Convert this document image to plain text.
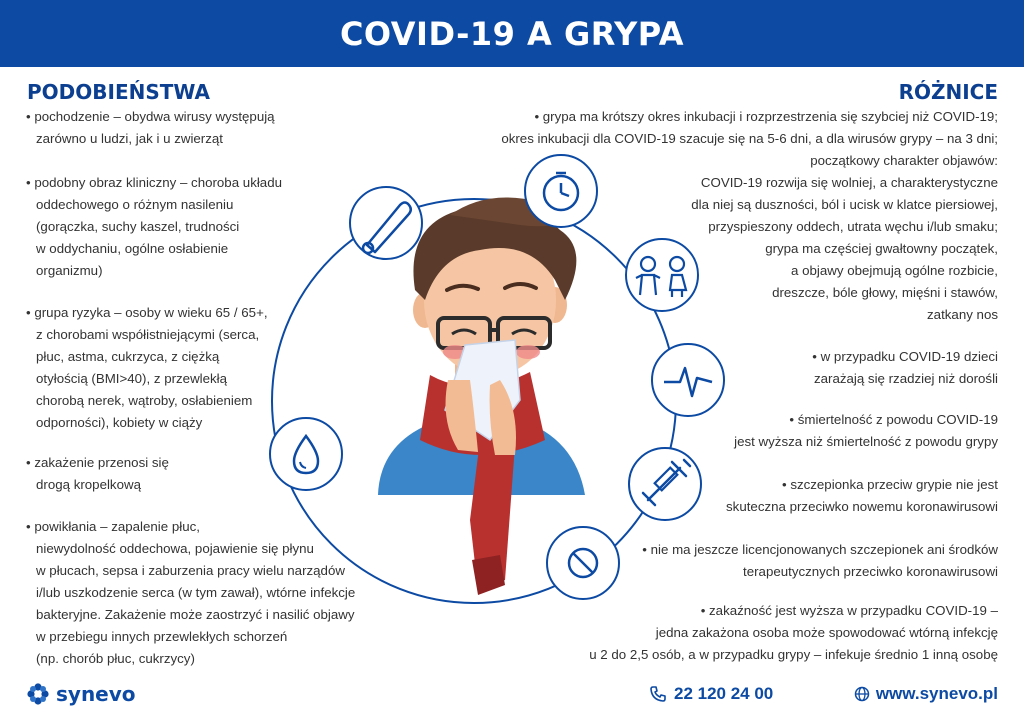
COVID-19 A GRYPA
PODOBIEŃSTWA	RÓŻNICE
• pochodzenie – obydwa wirusy występują
zarówno u ludzi, jak i u zwierząt
• podobny obraz kliniczny – choroba układu
oddechowego o różnym nasileniu
(gorączka, suchy kaszel, trudności
w oddychaniu, ogólne osłabienie
organizmu)
• grupa ryzyka – osoby w wieku 65 / 65+,
z chorobami współistniejącymi (serca,
płuc, astma, cukrzyca, z ciężką
otyłością (BMI>40), z przewlekłą
chorobą nerek, wątroby, osłabieniem
odporności), kobiety w ciąży
• zakażenie przenosi się
drogą kropelkową
• powikłania – zapalenie płuc,
niewydolność oddechowa, pojawienie się płynu
w płucach, sepsa i zaburzenia pracy wielu narządów
i/lub uszkodzenie serca (w tym zawał), wtórne infekcje
bakteryjne. Zakażenie może zaostrzyć i nasilić objawy
w przebiegu innych przewlekłych schorzeń
(np. chorób płuc, cukrzycy)
• grypa ma krótszy okres inkubacji i rozprzestrzenia się szybciej niż COVID-19;
okres inkubacji dla COVID-19 szacuje się na 5-6 dni, a dla wirusów grypy – na 3 dni;
początkowy charakter objawów:
COVID-19 rozwija się wolniej, a charakterystyczne
dla niej są duszności, ból i ucisk w klatce piersiowej,
przyspieszony oddech, utrata węchu i/lub smaku;
grypa ma częściej gwałtowny początek,
a objawy obejmują ogólne rozbicie,
dreszcze, bóle głowy, mięśni i stawów,
zatkany nos
• w przypadku COVID-19 dzieci
zarażają się rzadziej niż dorośli
• śmiertelność z powodu COVID-19
jest wyższa niż śmiertelność z powodu grypy
• szczepionka przeciw grypie nie jest
skuteczna przeciwko nowemu koronawirusowi
• nie ma jeszcze licencjonowanych szczepionek ani środków
terapeutycznych przeciwko koronawirusowi
• zakaźność jest wyższa w przypadku COVID-19 –
jedna zakażona osoba może spowodować wtórną infekcję
u 2 do 2,5 osób, a w przypadku grypy – infekuje średnio 1 inną osobę
synevo	22 120 24 00	www.synevo.pl
